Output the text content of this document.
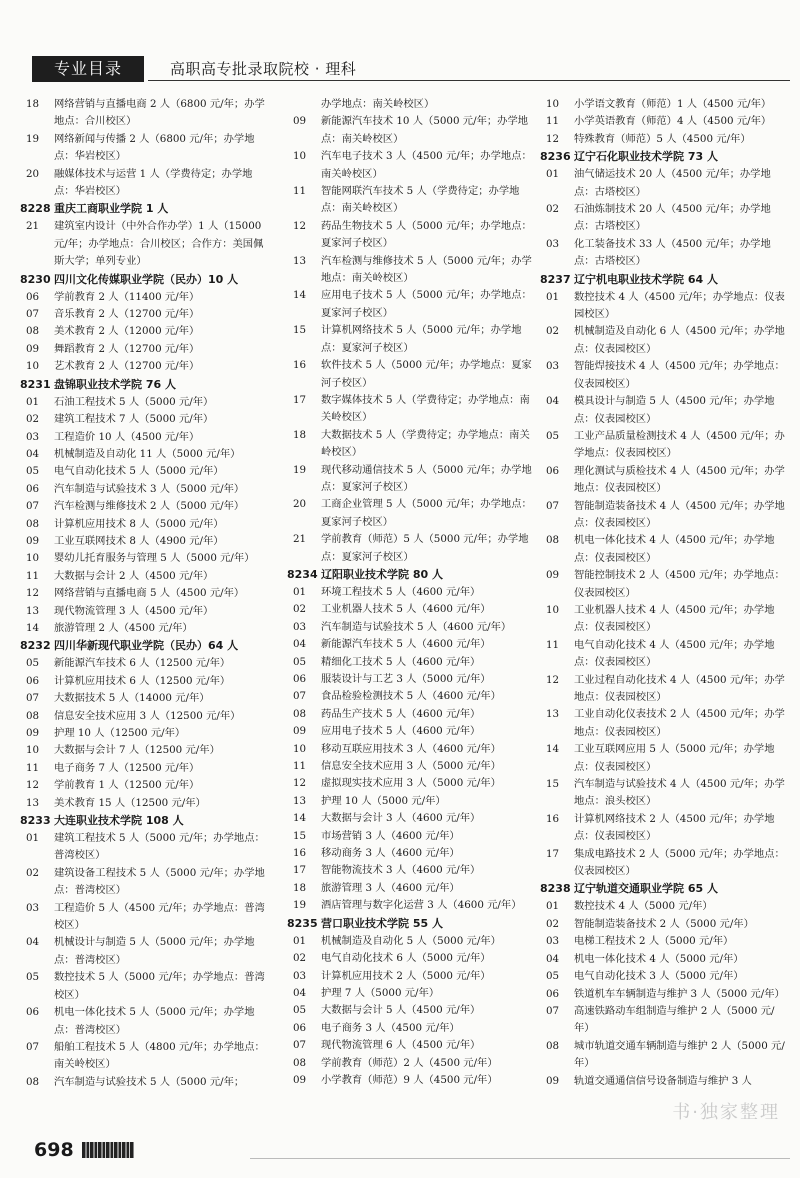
专业目录	高职高专批录取院校 · 理科
18	网络营销与直播电商 2 人（6800 元/年；办学地点：合川校区）
19	网络新闻与传播 2 人（6800 元/年；办学地点：华岩校区）
20	融媒体技术与运营 1 人（学费待定；办学地点：华岩校区）
8228 重庆工商职业学院 1 人
21	建筑室内设计（中外合作办学）1 人（15000 元/年；办学地点：合川校区；合作方：美国佩斯大学；单列专业）
8230 四川文化传媒职业学院（民办）10 人
06	学前教育 2 人（11400 元/年）
07	音乐教育 2 人（12700 元/年）
08	美术教育 2 人（12000 元/年）
09	舞蹈教育 2 人（12700 元/年）
10	艺术教育 2 人（12700 元/年）
8231 盘锦职业技术学院 76 人
01	石油工程技术 5 人（5000 元/年）
02	建筑工程技术 7 人（5000 元/年）
03	工程造价 10 人（4500 元/年）
04	机械制造及自动化 11 人（5000 元/年）
05	电气自动化技术 5 人（5000 元/年）
06	汽车制造与试验技术 3 人（5000 元/年）
07	汽车检测与维修技术 2 人（5000 元/年）
08	计算机应用技术 8 人（5000 元/年）
09	工业互联网技术 8 人（4900 元/年）
10	婴幼儿托育服务与管理 5 人（5000 元/年）
11	大数据与会计 2 人（4500 元/年）
12	网络营销与直播电商 5 人（4500 元/年）
13	现代物流管理 3 人（4500 元/年）
14	旅游管理 2 人（4500 元/年）
8232 四川华新现代职业学院（民办）64 人
05	新能源汽车技术 6 人（12500 元/年）
06	计算机应用技术 6 人（12500 元/年）
07	大数据技术 5 人（14000 元/年）
08	信息安全技术应用 3 人（12500 元/年）
09	护理 10 人（12500 元/年）
10	大数据与会计 7 人（12500 元/年）
11	电子商务 7 人（12500 元/年）
12	学前教育 1 人（12500 元/年）
13	美术教育 15 人（12500 元/年）
8233 大连职业技术学院 108 人
01	建筑工程技术 5 人（5000 元/年；办学地点：普湾校区）
02	建筑设备工程技术 5 人（5000 元/年；办学地点：普湾校区）
03	工程造价 5 人（4500 元/年；办学地点：普湾校区）
04	机械设计与制造 5 人（5000 元/年；办学地点：普湾校区）
05	数控技术 5 人（5000 元/年；办学地点：普湾校区）
06	机电一体化技术 5 人（5000 元/年；办学地点：普湾校区）
07	船舶工程技术 5 人（4800 元/年；办学地点：南关岭校区）
08	汽车制造与试验技术 5 人（5000 元/年；
办学地点：南关岭校区）
09	新能源汽车技术 10 人（5000 元/年；办学地点：南关岭校区）
10	汽车电子技术 3 人（4500 元/年；办学地点：南关岭校区）
11	智能网联汽车技术 5 人（学费待定；办学地点：南关岭校区）
12	药品生物技术 5 人（5000 元/年；办学地点：夏家河子校区）
13	汽车检测与维修技术 5 人（5000 元/年；办学地点：南关岭校区）
14	应用电子技术 5 人（5000 元/年；办学地点：夏家河子校区）
15	计算机网络技术 5 人（5000 元/年；办学地点：夏家河子校区）
16	软件技术 5 人（5000 元/年；办学地点：夏家河子校区）
17	数字媒体技术 5 人（学费待定；办学地点：南关岭校区）
18	大数据技术 5 人（学费待定；办学地点：南关岭校区）
19	现代移动通信技术 5 人（5000 元/年；办学地点：夏家河子校区）
20	工商企业管理 5 人（5000 元/年；办学地点：夏家河子校区）
21	学前教育（师范）5 人（5000 元/年；办学地点：夏家河子校区）
8234 辽阳职业技术学院 80 人
01	环境工程技术 5 人（4600 元/年）
02	工业机器人技术 5 人（4600 元/年）
03	汽车制造与试验技术 5 人（4600 元/年）
04	新能源汽车技术 5 人（4600 元/年）
05	精细化工技术 5 人（4600 元/年）
06	服装设计与工艺 3 人（5000 元/年）
07	食品检验检测技术 5 人（4600 元/年）
08	药品生产技术 5 人（4600 元/年）
09	应用电子技术 5 人（4600 元/年）
10	移动互联应用技术 3 人（4600 元/年）
11	信息安全技术应用 3 人（5000 元/年）
12	虚拟现实技术应用 3 人（5000 元/年）
13	护理 10 人（5000 元/年）
14	大数据与会计 3 人（4600 元/年）
15	市场营销 3 人（4600 元/年）
16	移动商务 3 人（4600 元/年）
17	智能物流技术 3 人（4600 元/年）
18	旅游管理 3 人（4600 元/年）
19	酒店管理与数字化运营 3 人（4600 元/年）
8235 营口职业技术学院 55 人
01	机械制造及自动化 5 人（5000 元/年）
02	电气自动化技术 6 人（5000 元/年）
03	计算机应用技术 2 人（5000 元/年）
04	护理 7 人（5000 元/年）
05	大数据与会计 5 人（4500 元/年）
06	电子商务 3 人（4500 元/年）
07	现代物流管理 6 人（4500 元/年）
08	学前教育（师范）2 人（4500 元/年）
09	小学教育（师范）9 人（4500 元/年）
10	小学语文教育（师范）1 人（4500 元/年）
11	小学英语教育（师范）4 人（4500 元/年）
12	特殊教育（师范）5 人（4500 元/年）
8236 辽宁石化职业技术学院 73 人
01	油气储运技术 20 人（4500 元/年；办学地点：古塔校区）
02	石油炼制技术 20 人（4500 元/年；办学地点：古塔校区）
03	化工装备技术 33 人（4500 元/年；办学地点：古塔校区）
8237 辽宁机电职业技术学院 64 人
01	数控技术 4 人（4500 元/年；办学地点：仪表园校区）
02	机械制造及自动化 6 人（4500 元/年；办学地点：仪表园校区）
03	智能焊接技术 4 人（4500 元/年；办学地点：仪表园校区）
04	模具设计与制造 5 人（4500 元/年；办学地点：仪表园校区）
05	工业产品质量检测技术 4 人（4500 元/年；办学地点：仪表园校区）
06	理化测试与质检技术 4 人（4500 元/年；办学地点：仪表园校区）
07	智能制造装备技术 4 人（4500 元/年；办学地点：仪表园校区）
08	机电一体化技术 4 人（4500 元/年；办学地点：仪表园校区）
09	智能控制技术 2 人（4500 元/年；办学地点：仪表园校区）
10	工业机器人技术 4 人（4500 元/年；办学地点：仪表园校区）
11	电气自动化技术 4 人（4500 元/年；办学地点：仪表园校区）
12	工业过程自动化技术 4 人（4500 元/年；办学地点：仪表园校区）
13	工业自动化仪表技术 2 人（4500 元/年；办学地点：仪表园校区）
14	工业互联网应用 5 人（5000 元/年；办学地点：仪表园校区）
15	汽车制造与试验技术 4 人（4500 元/年；办学地点：浪头校区）
16	计算机网络技术 2 人（4500 元/年；办学地点：仪表园校区）
17	集成电路技术 2 人（5000 元/年；办学地点：仪表园校区）
8238 辽宁轨道交通职业学院 65 人
01	数控技术 4 人（5000 元/年）
02	智能制造装备技术 2 人（5000 元/年）
03	电梯工程技术 2 人（5000 元/年）
04	机电一体化技术 4 人（5000 元/年）
05	电气自动化技术 3 人（5000 元/年）
06	铁道机车车辆制造与维护 3 人（5000 元/年）
07	高速铁路动车组制造与维护 2 人（5000 元/年）
08	城市轨道交通车辆制造与维护 2 人（5000 元/年）
09	轨道交通通信信号设备制造与维护 3 人
698
书·独家整理
